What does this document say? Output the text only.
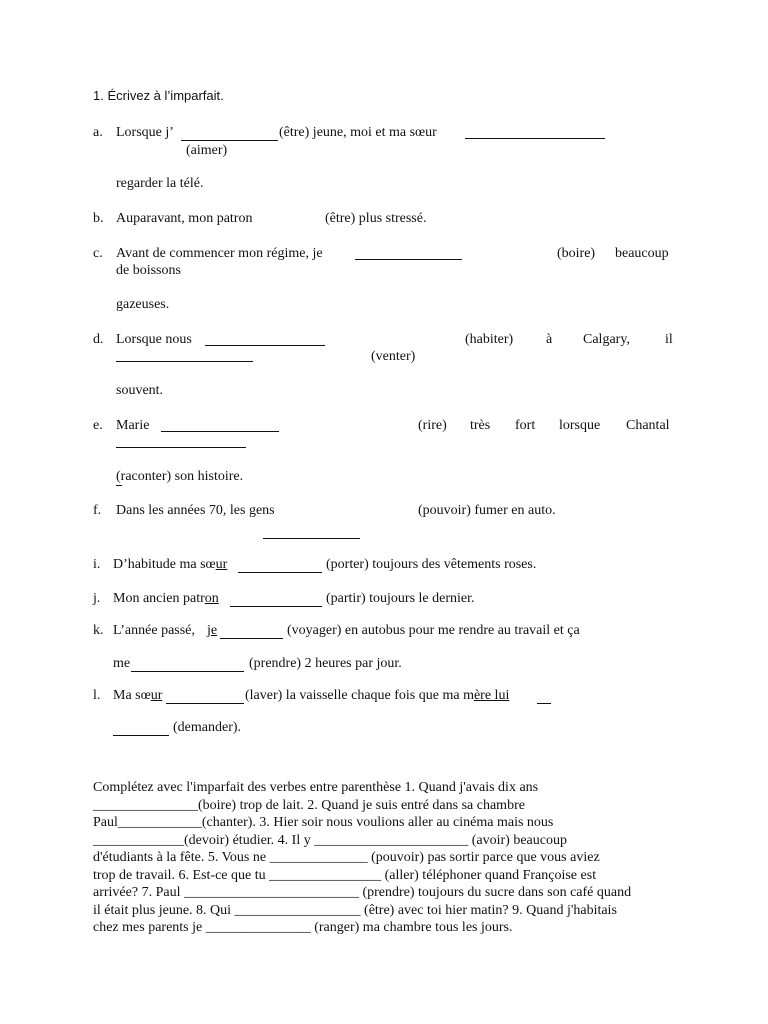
1. Écrivez à l’imparfait.
a. Lorsque j’	(être) jeune, moi et ma sœur
(aimer)
regarder la télé.
b. Auparavant, mon patron	(être) plus stressé.
c. Avant de commencer mon régime, je	(boire) beaucoup
de boissons
gazeuses.
d. Lorsque nous	(habiter) à Calgary,	il
(venter)
souvent.
e. Marie	(rire) très fort lorsque Chantal
(raconter) son histoire.
f. Dans les années 70, les gens	(pouvoir) fumer en auto.
i. D’habitude ma sœur	(porter) toujours des vêtements roses.
j. Mon ancien patron	(partir) toujours le dernier.
k. L’année passé, je	(voyager) en autobus pour me rendre au travail et ça
me	(prendre) 2 heures par jour.
l. Ma sœur	(laver) la vaisselle chaque fois que ma mère lui
(demander).
Complétez avec l'imparfait des verbes entre parenthèse 1. Quand j'avais dix ans
_______________(boire) trop de lait. 2. Quand je suis entré dans sa chambre
Paul____________(chanter). 3. Hier soir nous voulions aller au cinéma mais nous
_____________(devoir) étudier. 4. Il y ______________________ (avoir) beaucoup
d'étudiants à la fête. 5. Vous ne ______________ (pouvoir) pas sortir parce que vous aviez
trop de travail. 6. Est-ce que tu ________________ (aller) téléphoner quand Françoise est
arrivée? 7. Paul _________________________ (prendre) toujours du sucre dans son café quand
il était plus jeune. 8. Qui __________________ (être) avec toi hier matin? 9. Quand j'habitais
chez mes parents je _______________ (ranger) ma chambre tous les jours.
